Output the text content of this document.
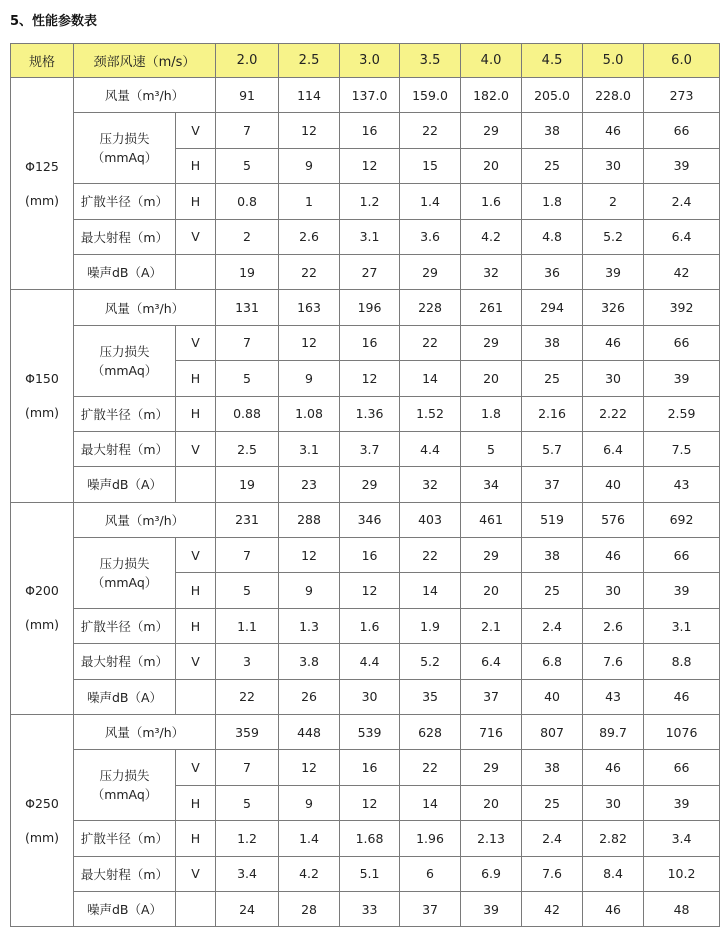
5、性能参数表
规格	颈部风速（m/s）		2.0	2.5	3.0	3.5	4.0	4.5	5.0	6.0

Φ125
(mm)	风量（m³/h）		91	114	137.0	159.0	182.0	205.0	228.0	273

	压力损失
（mmAq）	V	7	12	16	22	29	38	46	66
		H	5	9	12	15	20	25	30	39
	扩散半径（m）	H	0.8	1	1.2	1.4	1.6	1.8	2	2.4
	最大射程（m）	V	2	2.6	3.1	3.6	4.2	4.8	5.2	6.4
	噪声dB（A）		19	22	27	29	32	36	39	42

Φ150
(mm)	风量（m³/h）		131	163	196	228	261	294	326	392

	压力损失
（mmAq）	V	7	12	16	22	29	38	46	66
		H	5	9	12	14	20	25	30	39
	扩散半径（m）	H	0.88	1.08	1.36	1.52	1.8	2.16	2.22	2.59
	最大射程（m）	V	2.5	3.1	3.7	4.4	5	5.7	6.4	7.5
	噪声dB（A）		19	23	29	32	34	37	40	43

Φ200
(mm)	风量（m³/h）		231	288	346	403	461	519	576	692

	压力损失
（mmAq）	V	7	12	16	22	29	38	46	66
		H	5	9	12	14	20	25	30	39
	扩散半径（m）	H	1.1	1.3	1.6	1.9	2.1	2.4	2.6	3.1
	最大射程（m）	V	3	3.8	4.4	5.2	6.4	6.8	7.6	8.8
	噪声dB（A）		22	26	30	35	37	40	43	46

Φ250
(mm)	风量（m³/h）		359	448	539	628	716	807	89.7	1076

	压力损失
（mmAq）	V	7	12	16	22	29	38	46	66
		H	5	9	12	14	20	25	30	39
	扩散半径（m）	H	1.2	1.4	1.68	1.96	2.13	2.4	2.82	3.4
	最大射程（m）	V	3.4	4.2	5.1	6	6.9	7.6	8.4	10.2
	噪声dB（A）		24	28	33	37	39	42	46	48
